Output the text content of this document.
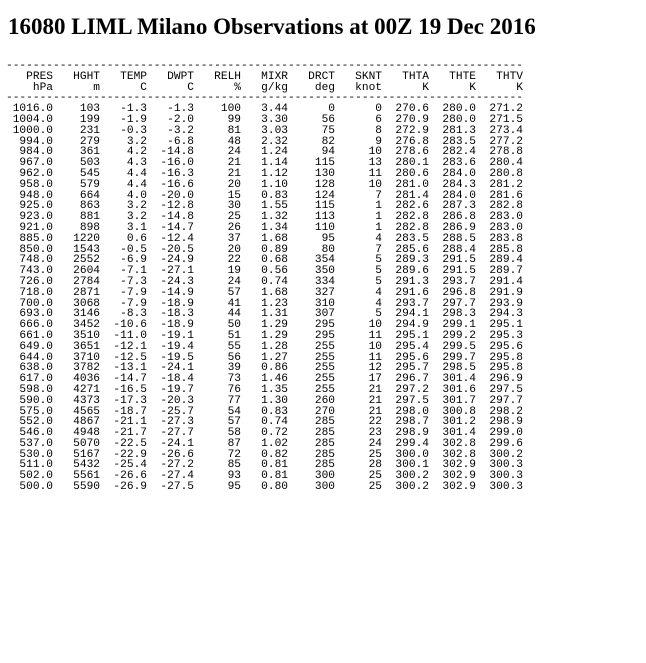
16080 LIML Milano Observations at 00Z 19 Dec 2016
-----------------------------------------------------------------------------
PRES   HGHT   TEMP   DWPT   RELH   MIXR   DRCT   SKNT   THTA   THTE   THTV
hPa      m      C      C      %   g/kg    deg   knot      K      K      K
-----------------------------------------------------------------------------
1016.0    103   -1.3   -1.3    100   3.44      0      0  270.6  280.0  271.2
1004.0    199   -1.9   -2.0     99   3.30     56      6  270.9  280.0  271.5
1000.0    231   -0.3   -3.2     81   3.03     75      8  272.9  281.3  273.4
994.0    279    3.2   -6.8     48   2.32     82      9  276.8  283.5  277.2
984.0    361    4.2  -14.8     24   1.24     94     10  278.6  282.4  278.8
967.0    503    4.3  -16.0     21   1.14    115     13  280.1  283.6  280.4
962.0    545    4.4  -16.3     21   1.12    130     11  280.6  284.0  280.8
958.0    579    4.4  -16.6     20   1.10    128     10  281.0  284.3  281.2
948.0    664    4.0  -20.0     15   0.83    124      7  281.4  284.0  281.6
925.0    863    3.2  -12.8     30   1.55    115      1  282.6  287.3  282.8
923.0    881    3.2  -14.8     25   1.32    113      1  282.8  286.8  283.0
921.0    898    3.1  -14.7     26   1.34    110      1  282.8  286.9  283.0
885.0   1220    0.6  -12.4     37   1.68     95      4  283.5  288.5  283.8
850.0   1543   -0.5  -20.5     20   0.89     80      7  285.6  288.4  285.8
748.0   2552   -6.9  -24.9     22   0.68    354      5  289.3  291.5  289.4
743.0   2604   -7.1  -27.1     19   0.56    350      5  289.6  291.5  289.7
726.0   2784   -7.3  -24.3     24   0.74    334      5  291.3  293.7  291.4
718.0   2871   -7.9  -14.9     57   1.68    327      4  291.6  296.8  291.9
700.0   3068   -7.9  -18.9     41   1.23    310      4  293.7  297.7  293.9
693.0   3146   -8.3  -18.3     44   1.31    307      5  294.1  298.3  294.3
666.0   3452  -10.6  -18.9     50   1.29    295     10  294.9  299.1  295.1
661.0   3510  -11.0  -19.1     51   1.29    295     11  295.1  299.2  295.3
649.0   3651  -12.1  -19.4     55   1.28    255     10  295.4  299.5  295.6
644.0   3710  -12.5  -19.5     56   1.27    255     11  295.6  299.7  295.8
638.0   3782  -13.1  -24.1     39   0.86    255     12  295.7  298.5  295.8
617.0   4036  -14.7  -18.4     73   1.46    255     17  296.7  301.4  296.9
598.0   4271  -16.5  -19.7     76   1.35    255     21  297.2  301.6  297.5
590.0   4373  -17.3  -20.3     77   1.30    260     21  297.5  301.7  297.7
575.0   4565  -18.7  -25.7     54   0.83    270     21  298.0  300.8  298.2
552.0   4867  -21.1  -27.3     57   0.74    285     22  298.7  301.2  298.9
546.0   4948  -21.7  -27.7     58   0.72    285     23  298.9  301.4  299.0
537.0   5070  -22.5  -24.1     87   1.02    285     24  299.4  302.8  299.6
530.0   5167  -22.9  -26.6     72   0.82    285     25  300.0  302.8  300.2
511.0   5432  -25.4  -27.2     85   0.81    285     28  300.1  302.9  300.3
502.0   5561  -26.6  -27.4     93   0.81    300     25  300.2  302.9  300.3
500.0   5590  -26.9  -27.5     95   0.80    300     25  300.2  302.9  300.3
